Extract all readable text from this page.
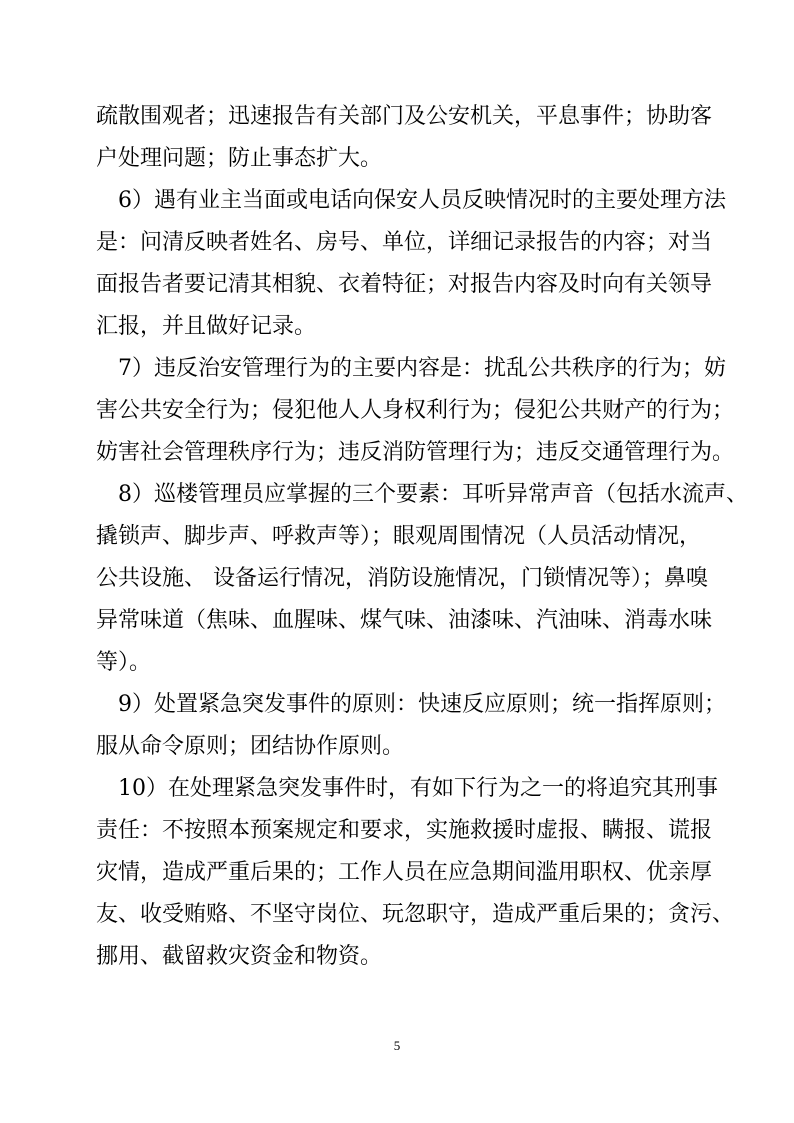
疏散围观者；迅速报告有关部门及公安机关，平息事件；协助客
户处理问题；防止事态扩大。
6）遇有业主当面或电话向保安人员反映情况时的主要处理方法
是：问清反映者姓名、房号、单位，详细记录报告的内容；对当
面报告者要记清其相貌、衣着特征；对报告内容及时向有关领导
汇报，并且做好记录。
7）违反治安管理行为的主要内容是：扰乱公共秩序的行为；妨
害公共安全行为；侵犯他人人身权利行为；侵犯公共财产的行为；
妨害社会管理秩序行为；违反消防管理行为；违反交通管理行为。
8）巡楼管理员应掌握的三个要素：耳听异常声音（包括水流声、
撬锁声、脚步声、呼救声等）；眼观周围情况（人员活动情况，
公共设施、 设备运行情况，消防设施情况，门锁情况等）；鼻嗅
异常味道（焦味、血腥味、煤气味、油漆味、汽油味、消毒水味
等）。
9）处置紧急突发事件的原则：快速反应原则；统一指挥原则；
服从命令原则；团结协作原则。
10）在处理紧急突发事件时，有如下行为之一的将追究其刑事
责任：不按照本预案规定和要求，实施救援时虚报、瞒报、谎报
灾情，造成严重后果的；工作人员在应急期间滥用职权、优亲厚
友、收受贿赂、不坚守岗位、玩忽职守，造成严重后果的；贪污、
挪用、截留救灾资金和物资。
5
